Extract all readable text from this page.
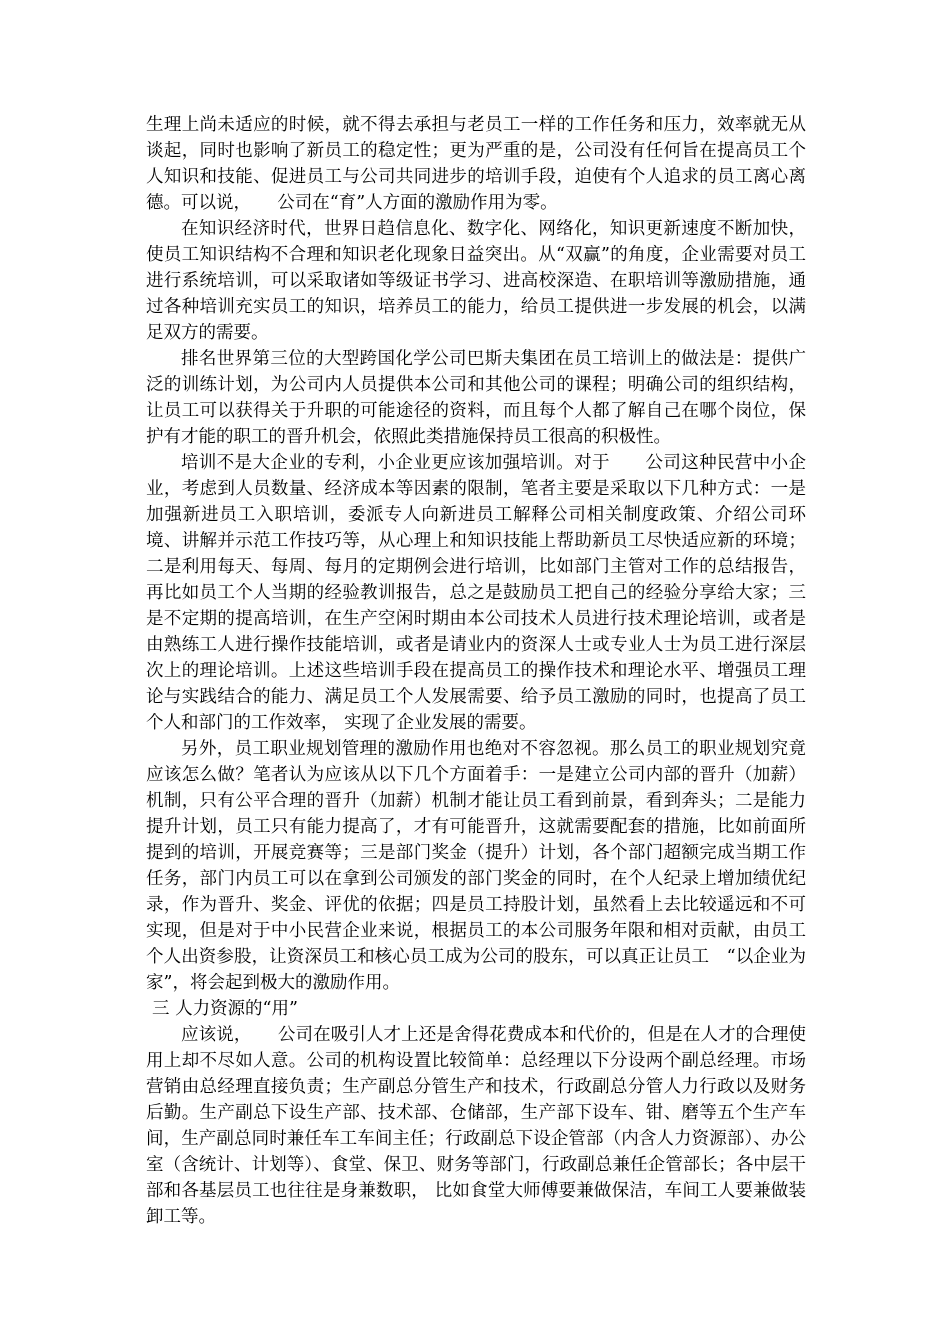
生理上尚未适应的时候，就不得去承担与老员工一样的工作任务和压力，效率就无从谈起，同时也影响了新员工的稳定性；更为严重的是，公司没有任何旨在提高员工个人知识和技能、促进员工与公司共同进步的培训手段，迫使有个人追求的员工离心离德。可以说，　　公司在“育”人方面的激励作用为零。

在知识经济时代，世界日趋信息化、数字化、网络化，知识更新速度不断加快，使员工知识结构不合理和知识老化现象日益突出。从“双赢”的角度，企业需要对员工进行系统培训，可以采取诸如等级证书学习、进高校深造、在职培训等激励措施，通过各种培训充实员工的知识，培养员工的能力，给员工提供进一步发展的机会，以满足双方的需要。

排名世界第三位的大型跨国化学公司巴斯夫集团在员工培训上的做法是：提供广泛的训练计划，为公司内人员提供本公司和其他公司的课程；明确公司的组织结构，让员工可以获得关于升职的可能途径的资料，而且每个人都了解自己在哪个岗位，保护有才能的职工的晋升机会，依照此类措施保持员工很高的积极性。

培训不是大企业的专利，小企业更应该加强培训。对于　　公司这种民营中小企业，考虑到人员数量、经济成本等因素的限制，笔者主要是采取以下几种方式：一是加强新进员工入职培训，委派专人向新进员工解释公司相关制度政策、介绍公司环境、讲解并示范工作技巧等，从心理上和知识技能上帮助新员工尽快适应新的环境；二是利用每天、每周、每月的定期例会进行培训，比如部门主管对工作的总结报告，再比如员工个人当期的经验教训报告，总之是鼓励员工把自己的经验分享给大家；三是不定期的提高培训，在生产空闲时期由本公司技术人员进行技术理论培训，或者是由熟练工人进行操作技能培训，或者是请业内的资深人士或专业人士为员工进行深层次上的理论培训。上述这些培训手段在提高员工的操作技术和理论水平、增强员工理论与实践结合的能力、满足员工个人发展需要、给予员工激励的同时，也提高了员工个人和部门的工作效率， 实现了企业发展的需要。

另外，员工职业规划管理的激励作用也绝对不容忽视。那么员工的职业规划究竟应该怎么做？笔者认为应该从以下几个方面着手：一是建立公司内部的晋升（加薪）机制，只有公平合理的晋升（加薪）机制才能让员工看到前景，看到奔头；二是能力提升计划，员工只有能力提高了，才有可能晋升，这就需要配套的措施，比如前面所提到的培训，开展竞赛等；三是部门奖金（提升）计划，各个部门超额完成当期工作任务，部门内员工可以在拿到公司颁发的部门奖金的同时，在个人纪录上增加绩优纪录，作为晋升、奖金、评优的依据；四是员工持股计划，虽然看上去比较遥远和不可实现，但是对于中小民营企业来说，根据员工的本公司服务年限和相对贡献，由员工个人出资参股，让资深员工和核心员工成为公司的股东，可以真正让员工　“以企业为家”，将会起到极大的激励作用。

三 人力资源的“用”

应该说，　　公司在吸引人才上还是舍得花费成本和代价的，但是在人才的合理使用上却不尽如人意。公司的机构设置比较简单：总经理以下分设两个副总经理。市场营销由总经理直接负责；生产副总分管生产和技术，行政副总分管人力行政以及财务后勤。生产副总下设生产部、技术部、仓储部，生产部下设车、钳、磨等五个生产车间，生产副总同时兼任车工车间主任；行政副总下设企管部（内含人力资源部）、办公室（含统计、计划等）、食堂、保卫、财务等部门，行政副总兼任企管部长；各中层干部和各基层员工也往往是身兼数职， 比如食堂大师傅要兼做保洁，车间工人要兼做装卸工等。
